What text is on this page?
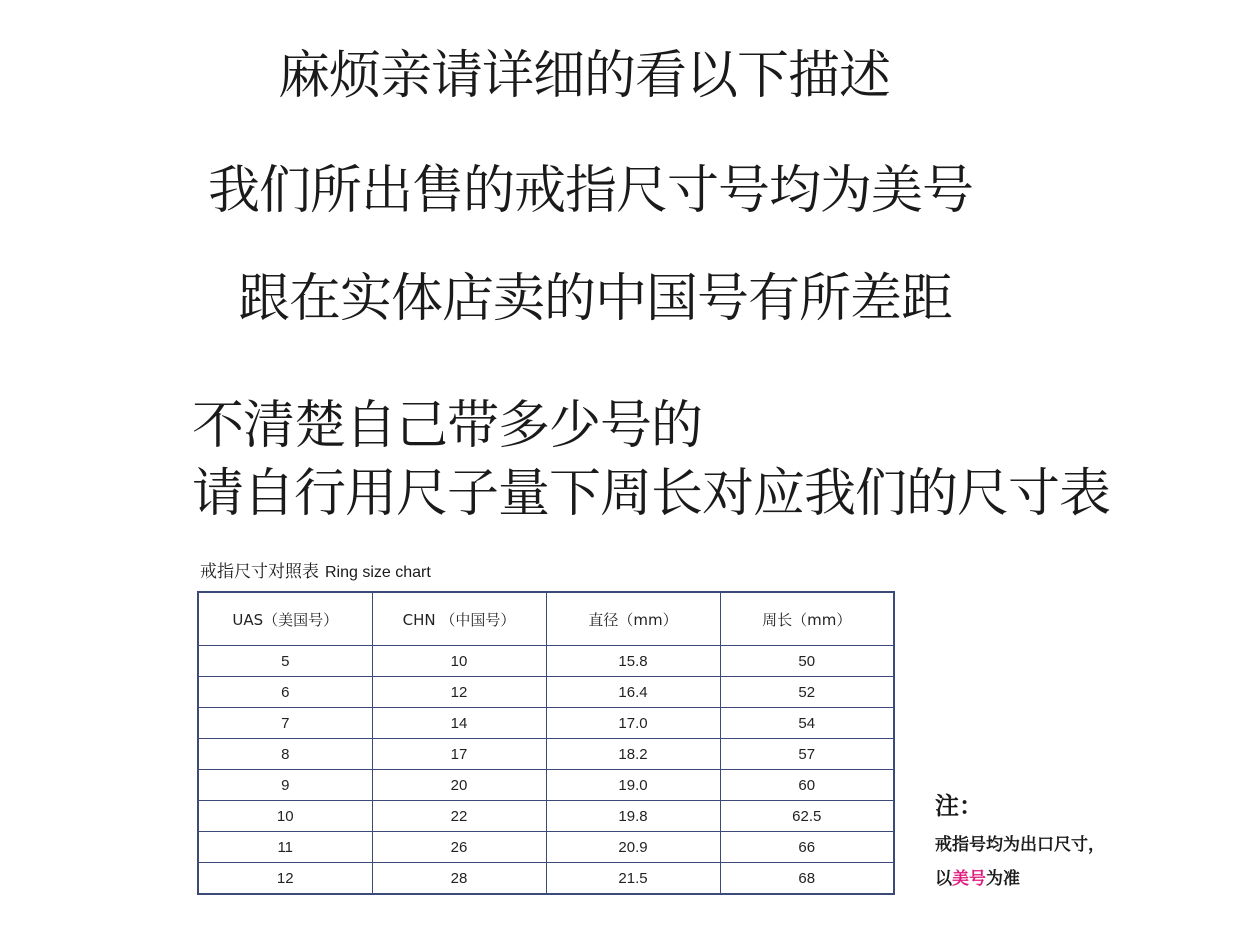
麻烦亲请详细的看以下描述
我们所出售的戒指尺寸号均为美号
跟在实体店卖的中国号有所差距
不清楚自己带多少号的
请自行用尺子量下周长对应我们的尺寸表
戒指尺寸对照表 Ring size chart
UAS（美国号）	CHN （中国号）	直径（mm）	周长（mm）
5	10	15.8	50
6	12	16.4	52
7	14	17.0	54
8	17	18.2	57
9	20	19.0	60
10	22	19.8	62.5
11	26	20.9	66
12	28	21.5	68
注：
戒指号均为出口尺寸，
以美号为准
